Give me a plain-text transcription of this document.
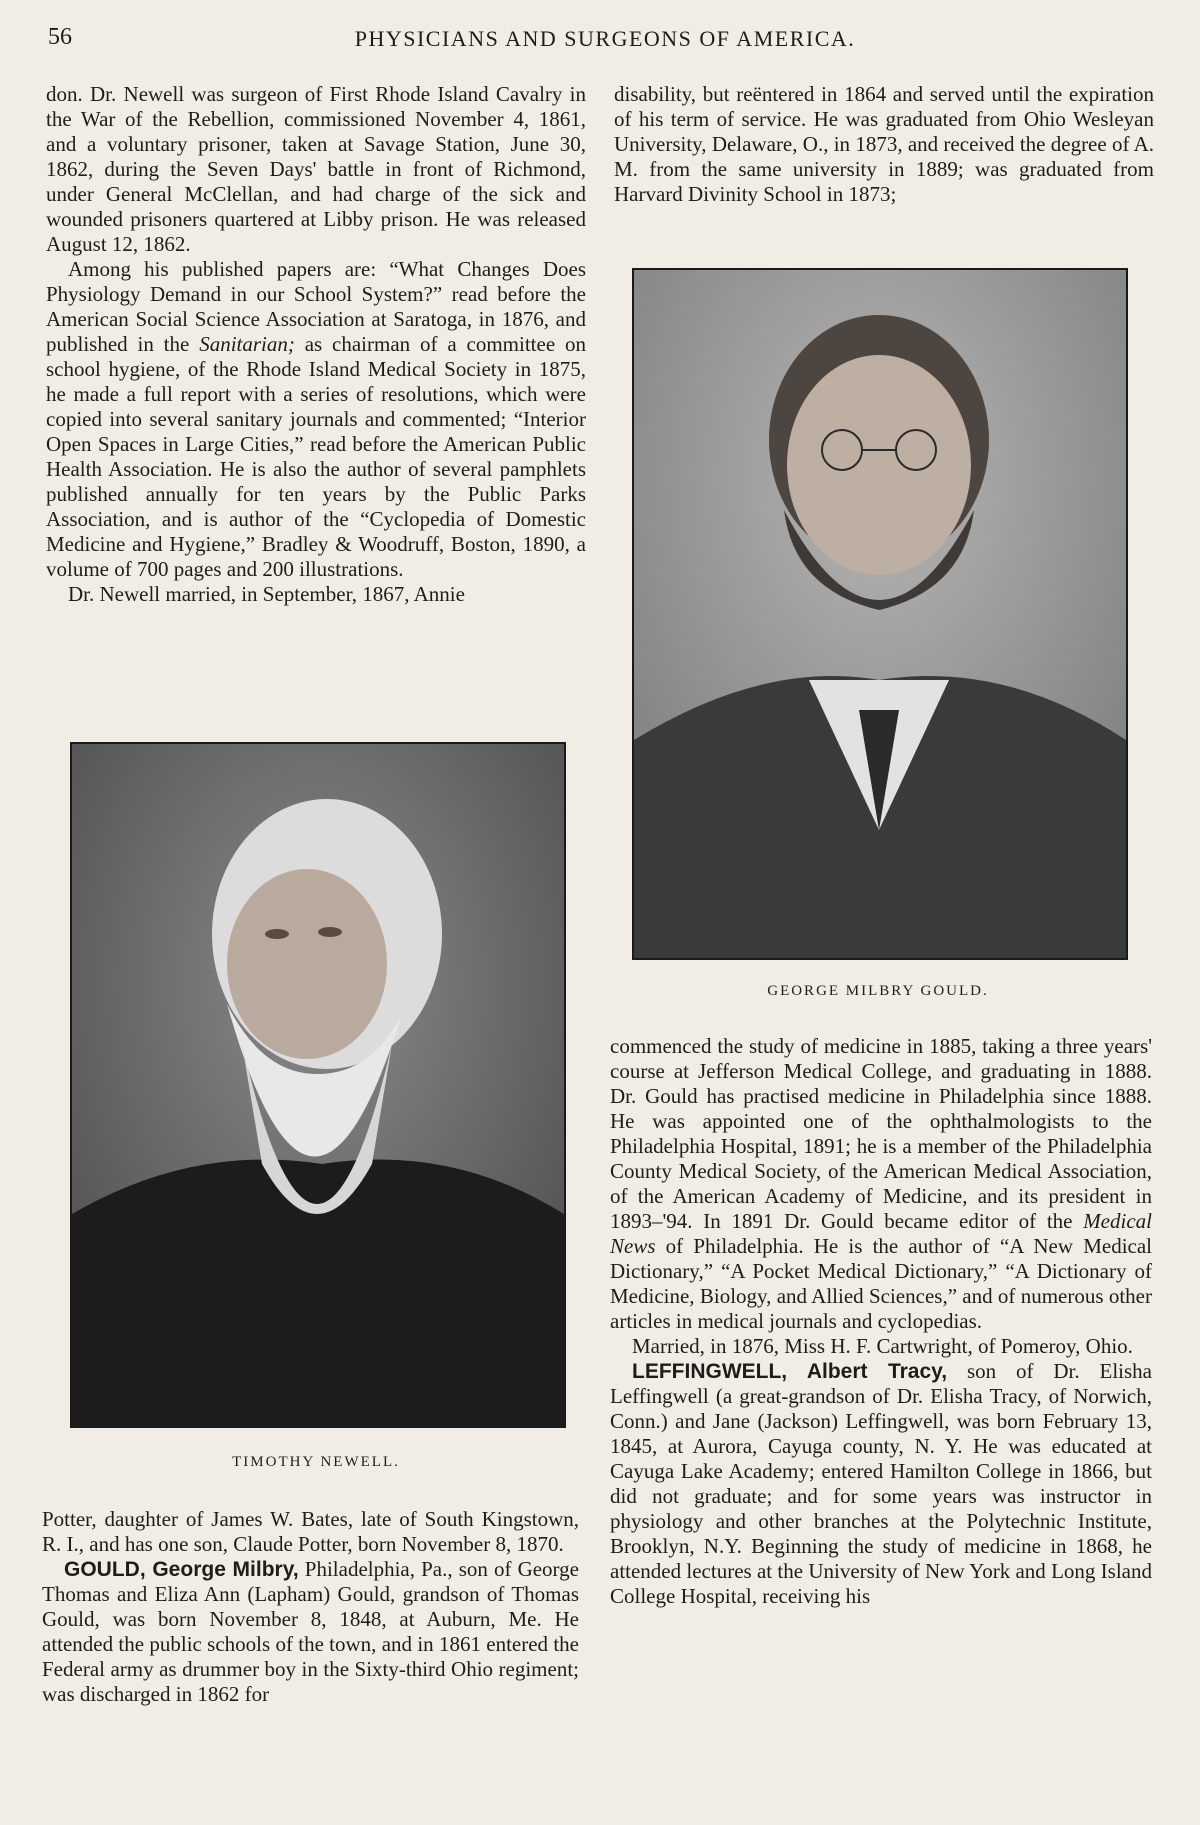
56	PHYSICIANS AND SURGEONS OF AMERICA.

don. Dr. Newell was surgeon of First Rhode Island Cavalry in the War of the Rebellion, commissioned November 4, 1861, and a voluntary prisoner, taken at Savage Station, June 30, 1862, during the Seven Days' battle in front of Richmond, under General McClellan, and had charge of the sick and wounded prisoners quartered at Libby prison. He was released August 12, 1862.

Among his published papers are: “What Changes Does Physiology Demand in our School System?” read before the American Social Science Association at Saratoga, in 1876, and published in the Sanitarian; as chairman of a committee on school hygiene, of the Rhode Island Medical Society in 1875, he made a full report with a series of resolutions, which were copied into several sanitary journals and commented; “Interior Open Spaces in Large Cities,” read before the American Public Health Association. He is also the author of several pamphlets published annually for ten years by the Public Parks Association, and is author of the “Cyclopedia of Domestic Medicine and Hygiene,” Bradley & Woodruff, Boston, 1890, a volume of 700 pages and 200 illustrations.

Dr. Newell married, in September, 1867, Annie

TIMOTHY NEWELL.

Potter, daughter of James W. Bates, late of South Kingstown, R. I., and has one son, Claude Potter, born November 8, 1870.

GOULD, George Milbry, Philadelphia, Pa., son of George Thomas and Eliza Ann (Lapham) Gould, grandson of Thomas Gould, was born November 8, 1848, at Auburn, Me. He attended the public schools of the town, and in 1861 entered the Federal army as drummer boy in the Sixty-third Ohio regiment; was discharged in 1862 for

disability, but reëntered in 1864 and served until the expiration of his term of service. He was graduated from Ohio Wesleyan University, Delaware, O., in 1873, and received the degree of A. M. from the same university in 1889; was graduated from Harvard Divinity School in 1873;

GEORGE MILBRY GOULD.

commenced the study of medicine in 1885, taking a three years' course at Jefferson Medical College, and graduating in 1888. Dr. Gould has practised medicine in Philadelphia since 1888. He was appointed one of the ophthalmologists to the Philadelphia Hospital, 1891; he is a member of the Philadelphia County Medical Society, of the American Medical Association, of the American Academy of Medicine, and its president in 1893–'94. In 1891 Dr. Gould became editor of the Medical News of Philadelphia. He is the author of “A New Medical Dictionary,” “A Pocket Medical Dictionary,” “A Dictionary of Medicine, Biology, and Allied Sciences,” and of numerous other articles in medical journals and cyclopedias.

Married, in 1876, Miss H. F. Cartwright, of Pomeroy, Ohio.

LEFFINGWELL, Albert Tracy, son of Dr. Elisha Leffingwell (a great-grandson of Dr. Elisha Tracy, of Norwich, Conn.) and Jane (Jackson) Leffingwell, was born February 13, 1845, at Aurora, Cayuga county, N. Y. He was educated at Cayuga Lake Academy; entered Hamilton College in 1866, but did not graduate; and for some years was instructor in physiology and other branches at the Polytechnic Institute, Brooklyn, N.Y. Beginning the study of medicine in 1868, he attended lectures at the University of New York and Long Island College Hospital, receiving his
